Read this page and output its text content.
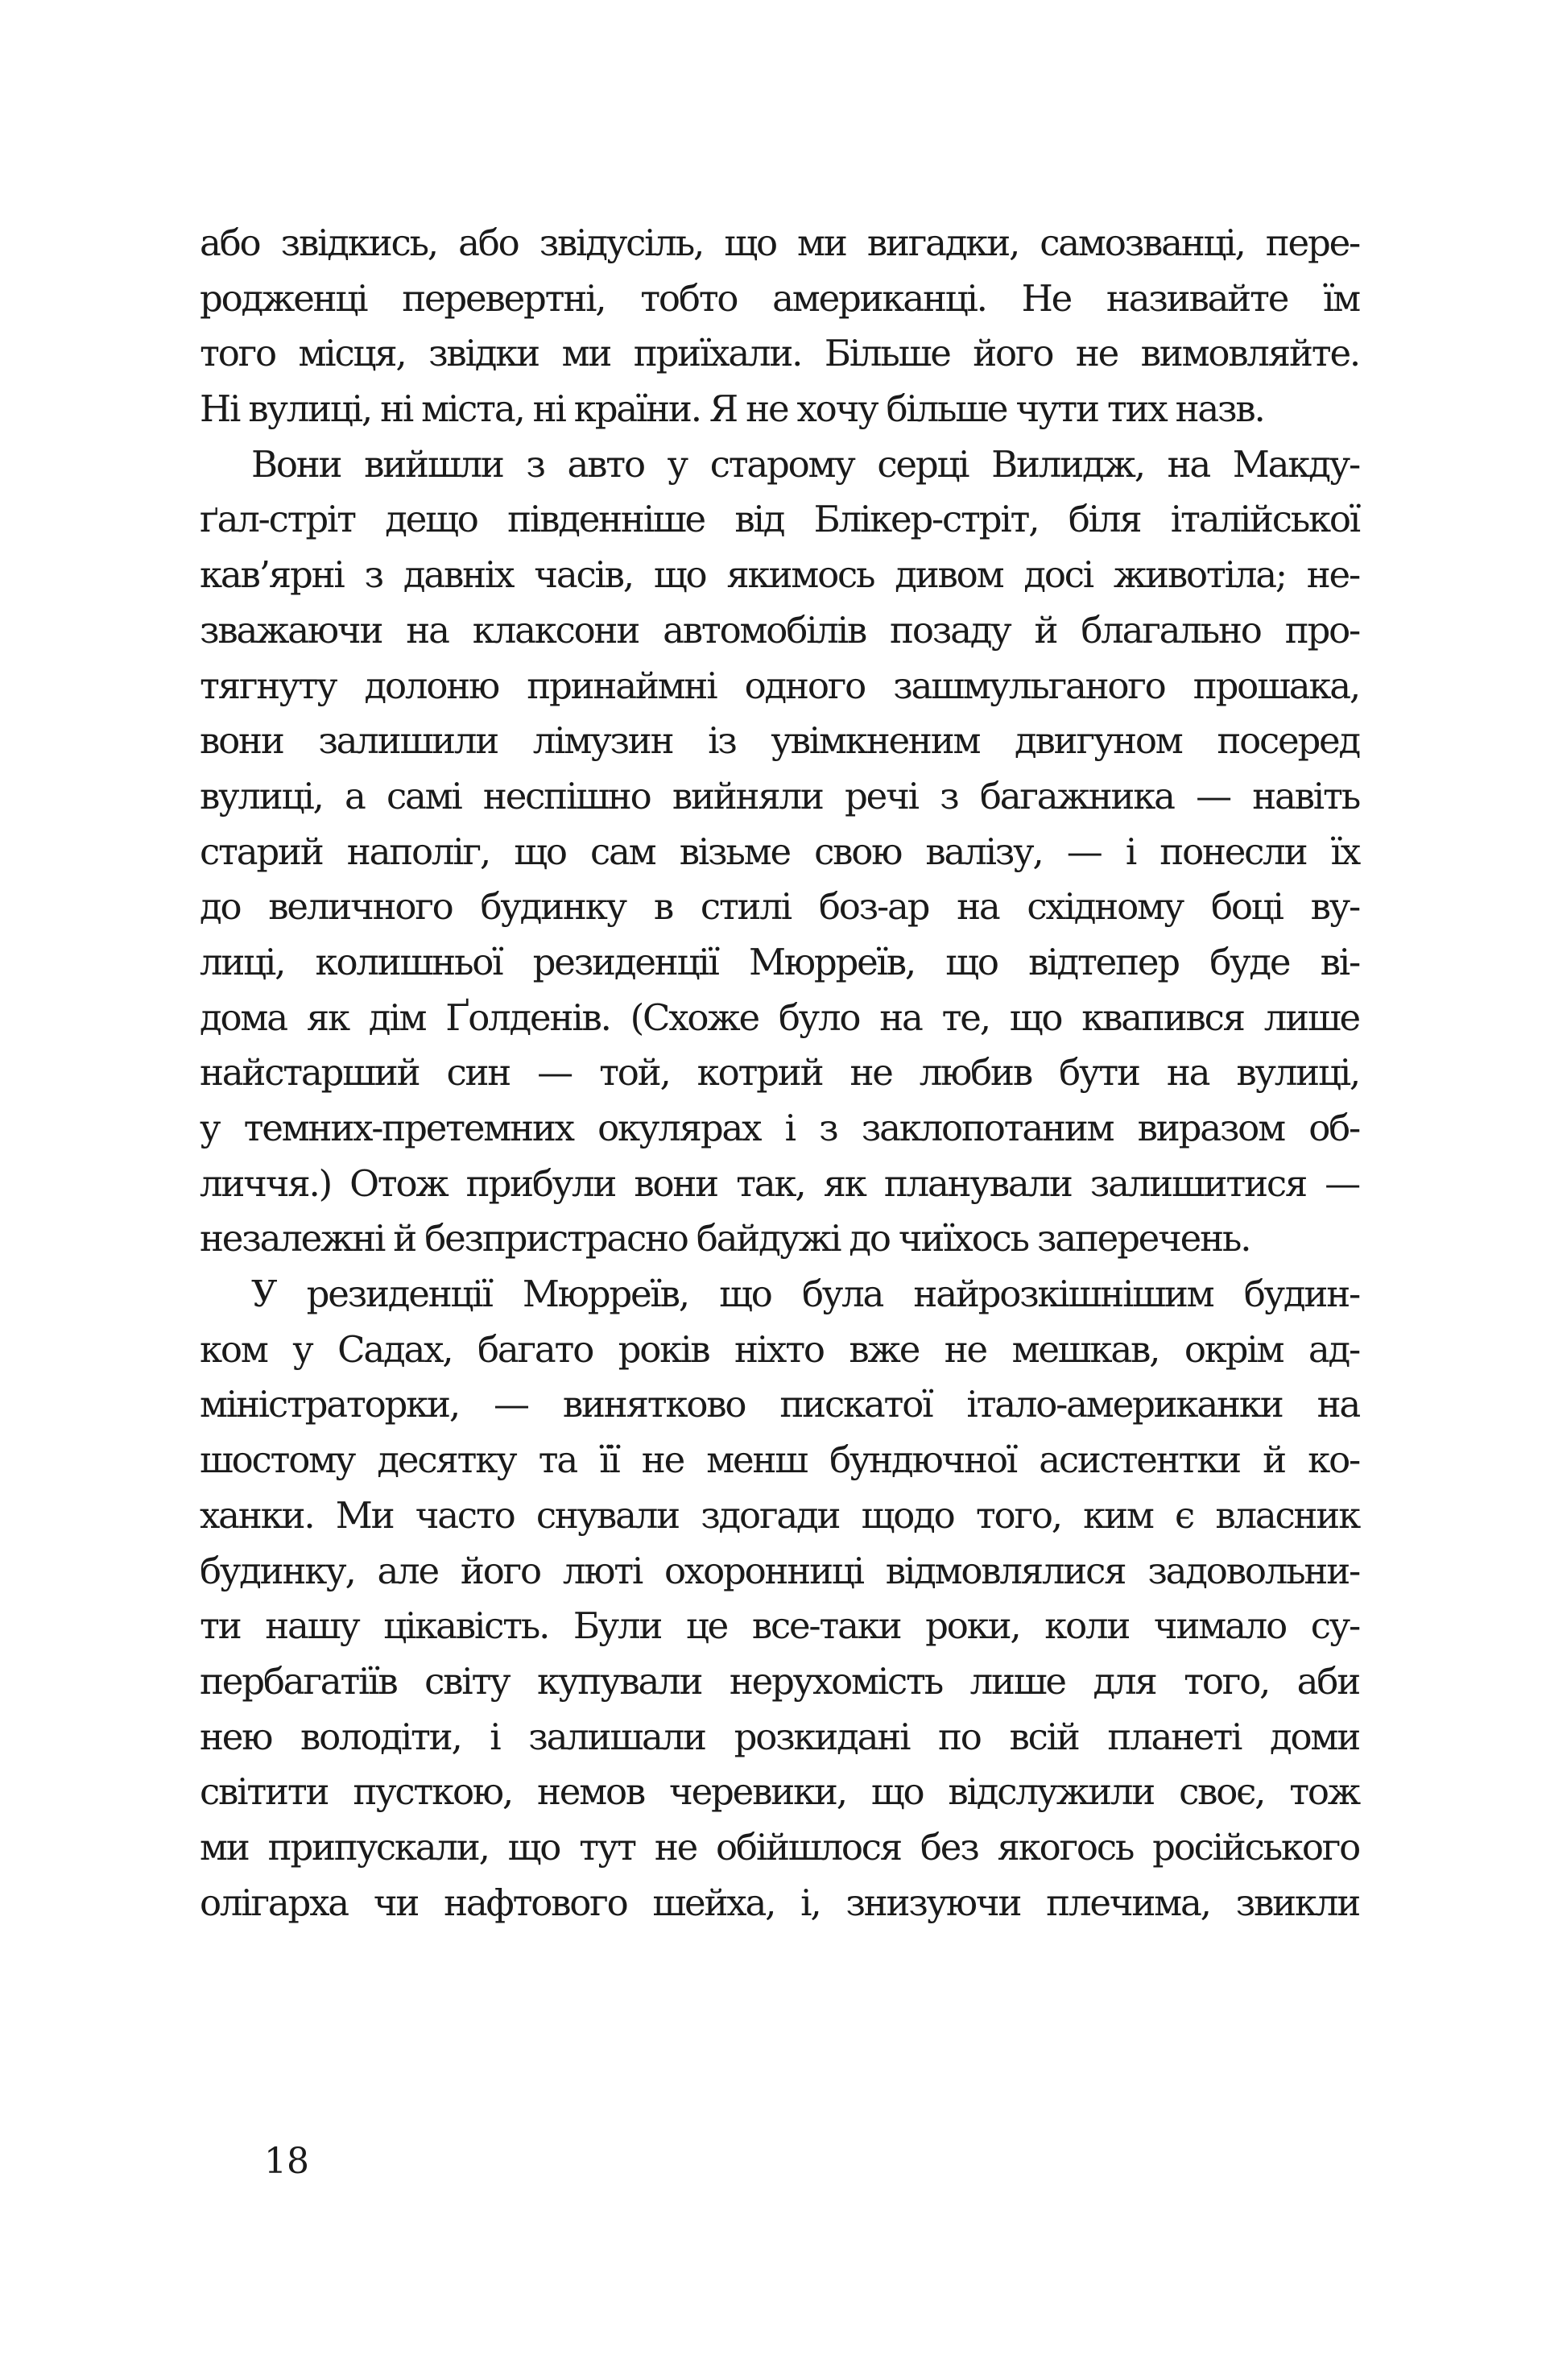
або звідкись, або звідусіль, що ми вигадки, самозванці, пере-
родженці перевертні, тобто американці. Не називайте їм
того місця, звідки ми приїхали. Більше його не вимовляйте.
Ні вулиці, ні міста, ні країни. Я не хочу більше чути тих назв.
Вони вийшли з авто у старому серці Вилидж, на Макду-
ґал-стріт дещо південніше від Блікер-стріт, біля італійської
кав’ярні з давніх часів, що якимось дивом досі животіла; не-
зважаючи на клаксони автомобілів позаду й благально про-
тягнуту долоню принаймні одного зашмульганого прошака,
вони залишили лімузин із увімкненим двигуном посеред
вулиці, а самі неспішно вийняли речі з багажника — навіть
старий наполіг, що сам візьме свою валізу, — і понесли їх
до величного будинку в стилі боз-ар на східному боці ву-
лиці, колишньої резиденції Мюрреїв, що відтепер буде ві-
дома як дім Ґолденів. (Схоже було на те, що квапився лише
найстарший син — той, котрий не любив бути на вулиці,
у темних-претемних окулярах і з заклопотаним виразом об-
личчя.) Отож прибули вони так, як планували залишитися —
незалежні й безпристрасно байдужі до чиїхось заперечень.
У резиденції Мюрреїв, що була найрозкішнішим будин-
ком у Садах, багато років ніхто вже не мешкав, окрім ад-
міністраторки, — винятково пискатої італо-американки на
шостому десятку та її не менш бундючної асистентки й ко-
ханки. Ми часто снували здогади щодо того, ким є власник
будинку, але його люті охоронниці відмовлялися задовольни-
ти нашу цікавість. Були це все-таки роки, коли чимало су-
пербагатіїв світу купували нерухомість лише для того, аби
нею володіти, і залишали розкидані по всій планеті доми
світити пусткою, немов черевики, що відслужили своє, тож
ми припускали, що тут не обійшлося без якогось російського
олігарха чи нафтового шейха, і, знизуючи плечима, звикли
18
